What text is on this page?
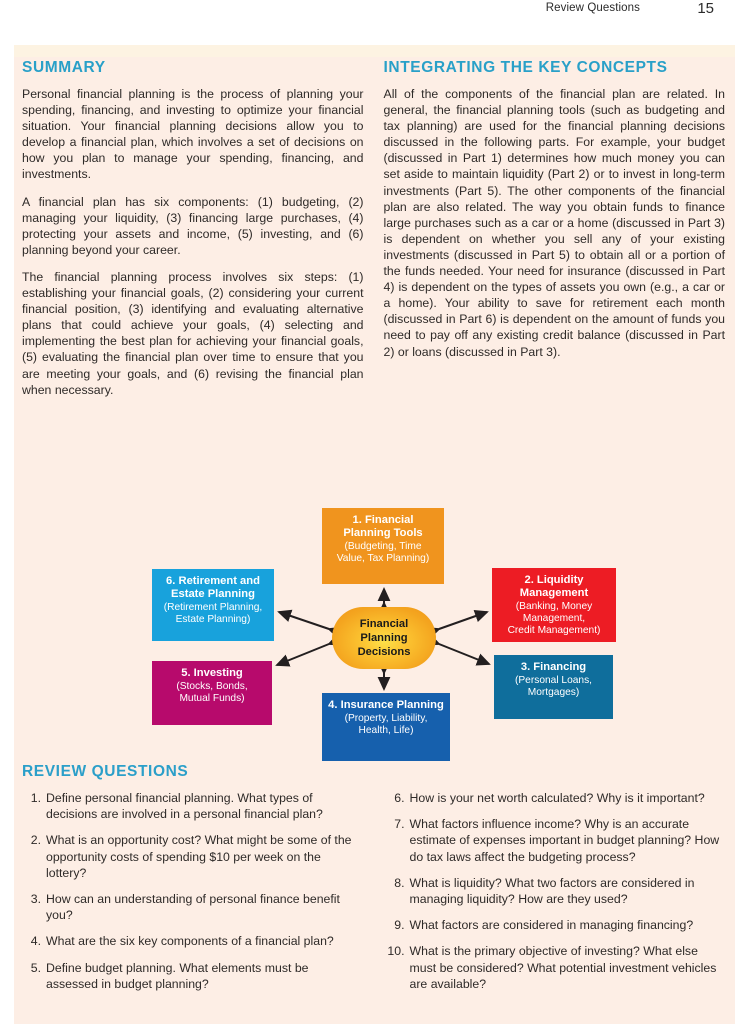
Review Questions	15
SUMMARY

Personal financial planning is the process of planning your spending, financing, and investing to optimize your financial situation. Your financial planning decisions allow you to develop a financial plan, which involves a set of decisions on how you plan to manage your spending, financing, and investments.

A financial plan has six components: (1) budgeting, (2) managing your liquidity, (3) financing large purchases, (4) protecting your assets and income, (5) investing, and (6) planning beyond your career.

The financial planning process involves six steps: (1) establishing your financial goals, (2) considering your current financial position, (3) identifying and evaluating alternative plans that could achieve your goals, (4) selecting and implementing the best plan for achieving your financial goals, (5) evaluating the financial plan over time to ensure that you are meeting your goals, and (6) revising the financial plan when necessary.

INTEGRATING THE KEY CONCEPTS

All of the components of the financial plan are related. In general, the financial planning tools (such as budgeting and tax planning) are used for the financial planning decisions discussed in the following parts. For example, your budget (discussed in Part 1) determines how much money you can set aside to maintain liquidity (Part 2) or to invest in long-term investments (Part 5). The other components of the financial plan are also related. The way you obtain funds to finance large purchases such as a car or a home (discussed in Part 3) is dependent on whether you sell any of your existing investments (discussed in Part 5) to obtain all or a portion of the funds needed. Your need for insurance (discussed in Part 4) is dependent on the types of assets you own (e.g., a car or a home). Your ability to save for retirement each month (discussed in Part 6) is dependent on the amount of funds you need to pay off any existing credit balance (discussed in Part 2) or loans (discussed in Part 3).

1. Financial
Planning Tools
(Budgeting, Time
Value, Tax Planning)
2. Liquidity
Management
(Banking, Money
Management,
Credit Management)
3. Financing
(Personal Loans,
Mortgages)
4. Insurance Planning
(Property, Liability,
Health, Life)
5. Investing
(Stocks, Bonds,
Mutual Funds)
6. Retirement and
Estate Planning
(Retirement Planning,
Estate Planning)	Financial
Planning
Decisions
REVIEW QUESTIONS
1. Define personal financial planning. What types of decisions are involved in a personal financial plan?
2. What is an opportunity cost? What might be some of the opportunity costs of spending $10 per week on the lottery?
3. How can an understanding of personal finance benefit you?
4. What are the six key components of a financial plan?
5. Define budget planning. What elements must be assessed in budget planning?
6. How is your net worth calculated? Why is it important?
7. What factors influence income? Why is an accurate estimate of expenses important in budget planning? How do tax laws affect the budgeting process?
8. What is liquidity? What two factors are considered in managing liquidity? How are they used?
9. What factors are considered in managing financing?
10. What is the primary objective of investing? What else must be considered? What potential investment vehicles are available?
